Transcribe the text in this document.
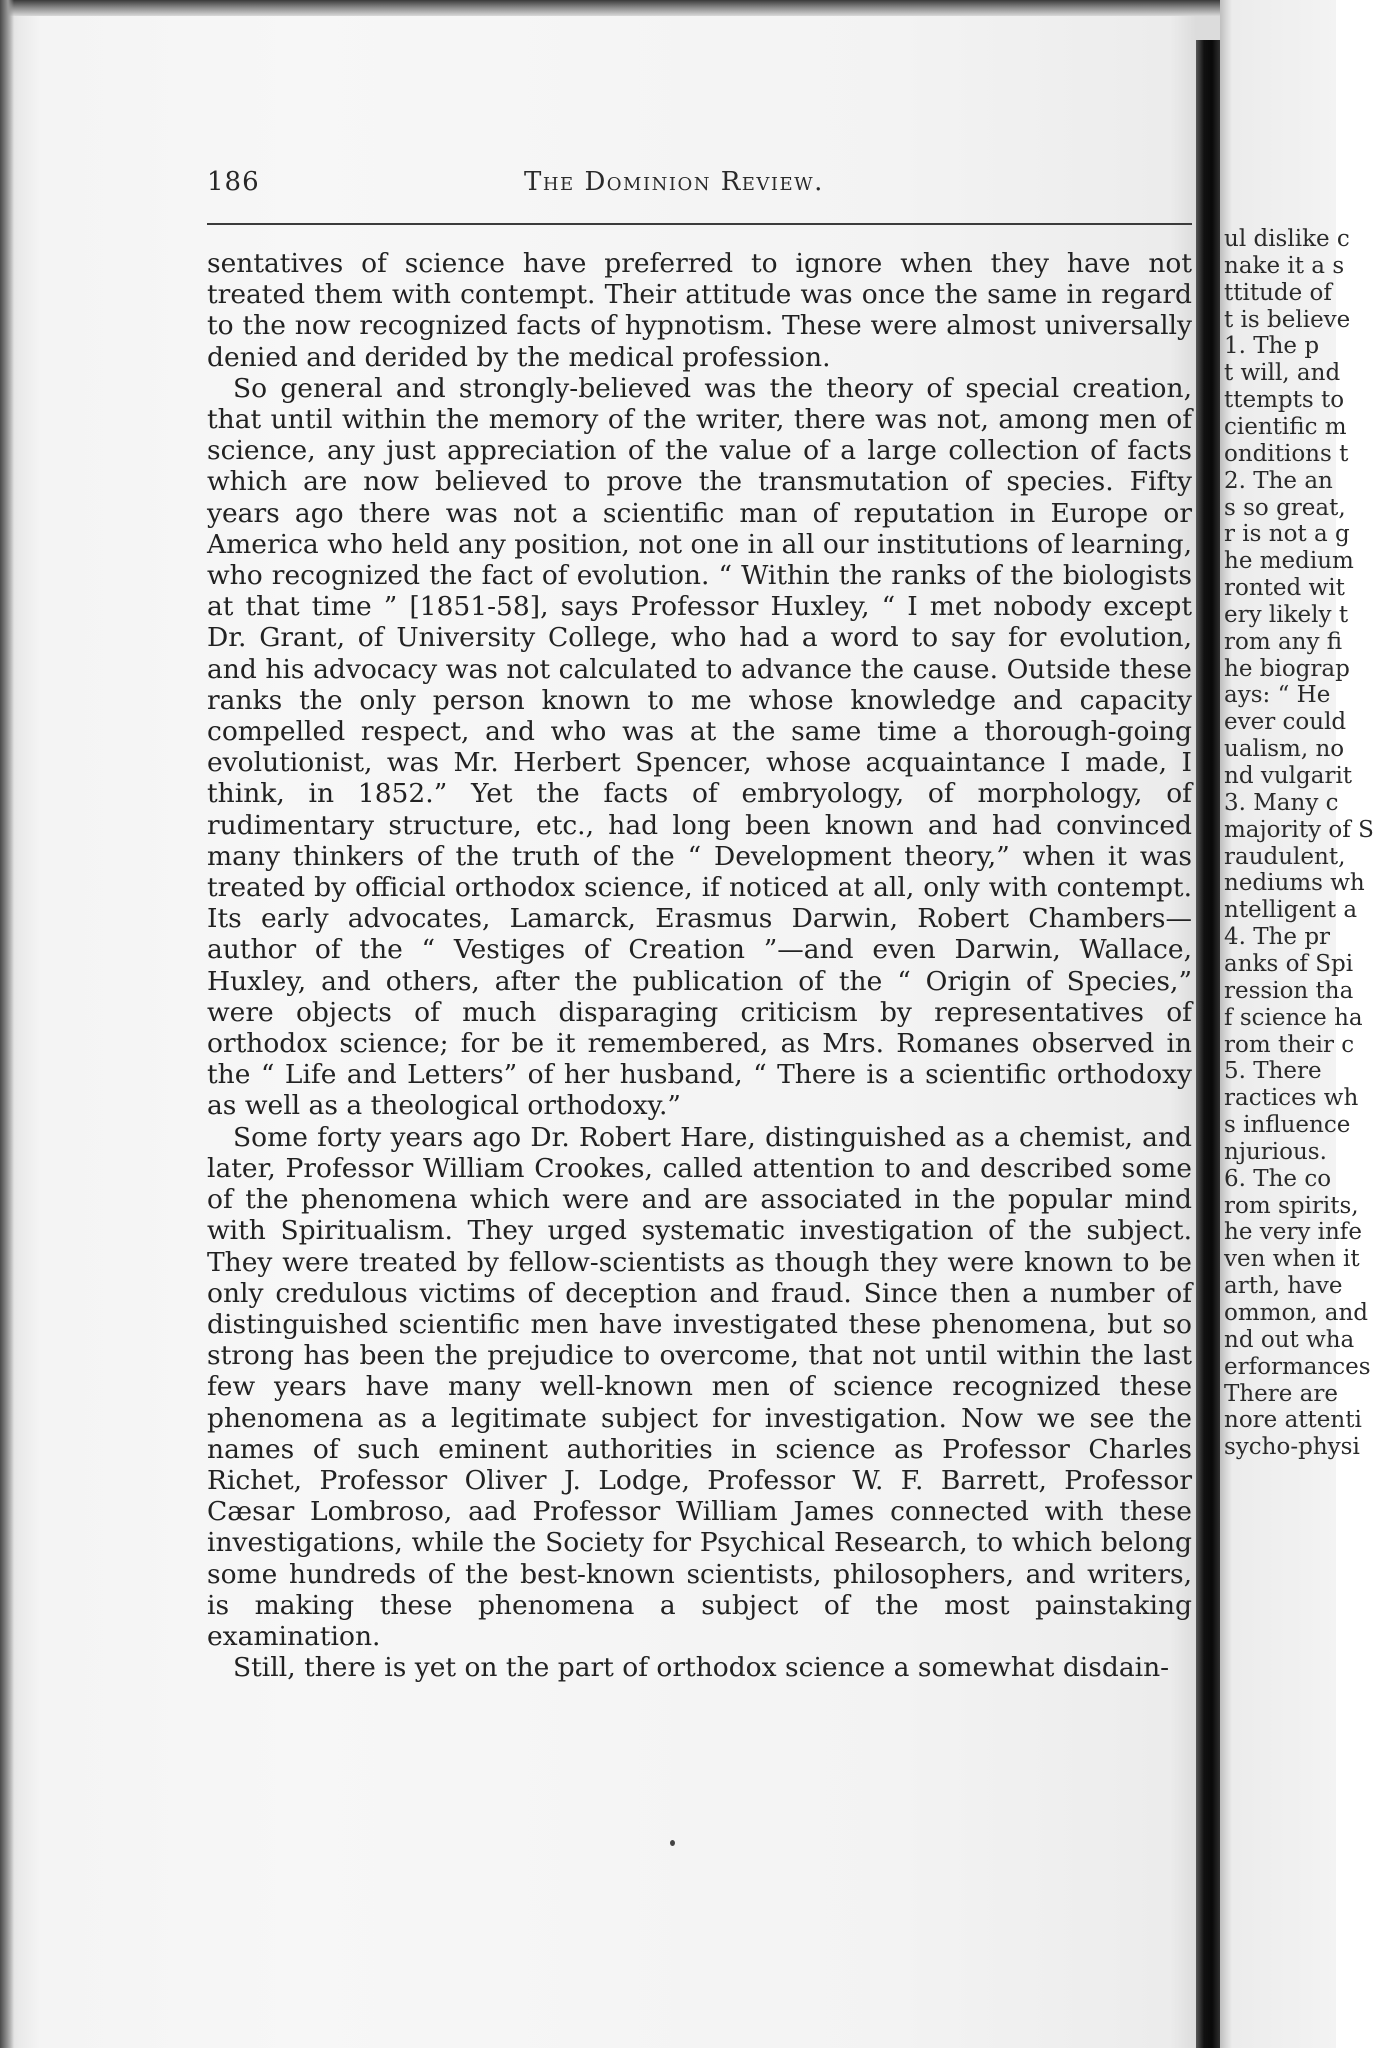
186	The Dominion Review.

sentatives of science have preferred to ignore when they have not treated them with contempt. Their attitude was once the same in regard to the now recognized facts of hypnotism. These were almost universally denied and derided by the medical profession.

So general and strongly-believed was the theory of special creation, that until within the memory of the writer, there was not, among men of science, any just appreciation of the value of a large collection of facts which are now believed to prove the transmutation of species. Fifty years ago there was not a scientific man of reputation in Europe or America who held any position, not one in all our institutions of learning, who recognized the fact of evolution. “ Within the ranks of the biologists at that time ” [1851-58], says Professor Huxley, “ I met nobody except Dr. Grant, of University College, who had a word to say for evolution, and his advocacy was not calculated to advance the cause. Outside these ranks the only person known to me whose knowledge and capacity compelled respect, and who was at the same time a thorough-going evolutionist, was Mr. Herbert Spencer, whose acquaintance I made, I think, in 1852.” Yet the facts of embryology, of morphology, of rudimentary structure, etc., had long been known and had convinced many thinkers of the truth of the “ Development theory,” when it was treated by official orthodox science, if noticed at all, only with contempt. Its early advocates, Lamarck, Erasmus Darwin, Robert Chambers—author of the “ Vestiges of Creation ”—and even Darwin, Wallace, Huxley, and others, after the publication of the “ Origin of Species,” were objects of much disparaging criticism by representatives of orthodox science; for be it remembered, as Mrs. Romanes observed in the “ Life and Letters” of her husband, “ There is a scientific orthodoxy as well as a theological orthodoxy.”

Some forty years ago Dr. Robert Hare, distinguished as a chemist, and later, Professor William Crookes, called attention to and described some of the phenomena which were and are associated in the popular mind with Spiritualism. They urged systematic investigation of the subject. They were treated by fellow-scientists as though they were known to be only credulous victims of deception and fraud. Since then a number of distinguished scientific men have investigated these phenomena, but so strong has been the prejudice to overcome, that not until within the last few years have many well-known men of science recognized these phenomena as a legitimate subject for investigation. Now we see the names of such eminent authorities in science as Professor Charles Richet, Professor Oliver J. Lodge, Professor W. F. Barrett, Professor Cæsar Lombroso, aad Professor William James connected with these investigations, while the Society for Psychical Research, to which belong some hundreds of the best-known scientists, philosophers, and writers, is making these phenomena a subject of the most painstaking examination.

Still, there is yet on the part of orthodox science a somewhat disdain-

ul dislike c
nake it a s
ttitude of
t is believe
1. The p
t will, and
ttempts to
cientific m
onditions t
2. The an
s so great,
r is not a g
he medium
ronted wit
ery likely t
rom any fi
he biograp
ays: “ He
ever could
ualism, no
nd vulgarit
3. Many c
majority of S
raudulent,
nediums wh
ntelligent a
4. The pr
anks of Spi
ression tha
f science ha
rom their c
5. There
ractices wh
s influence
njurious.
6. The co
rom spirits,
he very infe
ven when it
arth, have
ommon, and
nd out wha
erformances
There are
nore attenti
sycho-physi
